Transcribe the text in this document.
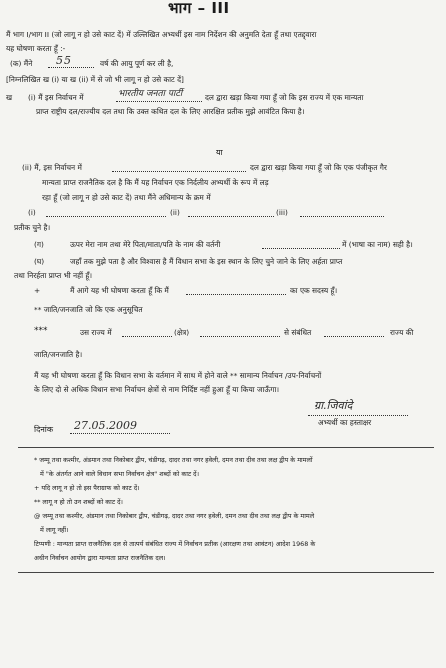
भाग – III
मैं भाग I/भाग II (जो लागू न हो उसे काट दें) में उल्लिखित अभ्यर्थी इस नाम निर्देशन की अनुमति देता हूँ तथा एतद्द्वारा
यह घोषणा करता हूँ :-
(क) मैंने 55	वर्ष की आयु पूर्ण कर ली है,
[निम्नलिखित ख (i) या ख (ii) में से जो भी लागू न हो उसे काट दें]
ख (i) मैं इस निर्वाचन में	भारतीय जनता पार्टी	दल द्वारा खड़ा किया गया हूँ जो कि इस राज्य में एक मान्यता
प्राप्त राष्ट्रीय दल/राज्यीय दल तथा कि उक्त कथित दल के लिए आरक्षित प्रतीक मुझे आवंटित किया है।
या
(ii) मैं, इस निर्वाचन में	दल द्वारा खड़ा किया गया हूँ जो कि एक पंजीकृत गैर
मान्यता प्राप्त राजनैतिक दल है कि मैं यह निर्वाचन एक निर्दलीय अभ्यर्थी के रूप में लड़
रहा हूँ (जो लागू न हो उसे काट दें) तथा मैंने अधिमान्य के क्रम में
(i)	(ii)	(iii)
प्रतीक चुने है।
(ग)	ऊपर मेरा नाम तथा मेरे पिता/माता/पति के नाम की वर्तनी	में (भाषा का नाम) सही है।
(घ)	जहाँ तक मुझे पता है और विश्वास है मैं विधान सभा के इस स्थान के लिए चुने जाने के लिए अर्हता प्राप्त
तथा निरर्हता प्राप्त भी नहीं हूँ।
+	मैं आगे यह भी घोषणा करता हूँ कि मैं	का एक सदस्य हूँ।
** जाति/जनजाति जो कि एक अनुसूचित
***	उस राज्य में	(क्षेत्र)	से संबंधित	राज्य की
जाति/जनजाति है।
मैं यह भी घोषणा करता हूँ कि विधान सभा के वर्तमान में साथ में होने वाले ** सामान्य निर्वाचन /उप-निर्वाचनों
के लिए दो से अधिक विधान सभा निर्वाचन क्षेत्रों से नाम निर्दिष्ट नहीं हुआ हूँ या किया जाऊँगा।
ग्रा.जिवांदे
अभ्यर्थी का हस्ताक्षर
दिनांक 27.05.2009
* जम्मू तथा कश्मीर, अंडमान तथा निकोबार द्वीप, चंडीगढ़, दादर तथा नगर हवेली, दमन तथा दीव तथा लक्ष द्वीप के मामलों
में "के अंतर्गत आने वाले विधान सभा निर्वाचन क्षेत्र" शब्दों को काट दें।
+ यदि लागू न हो तो इस पैराग्राफ को काट दें।
** लागू न हो तो उन शब्दों को काट दें।
@ जम्मू तथा कश्मीर, अंडमान तथा निकोबार द्वीप, चंडीगढ़, दादर तथा नगर हवेली, दमन तथा दीव तथा लक्ष द्वीप के मामले
में लागू नहीं।
टिप्पणी : मान्यता प्राप्त राजनैतिक दल से तात्पर्य संबंधित राज्य में निर्वाचन प्रतीक (आरक्षण तथा आवंटन) आदेश 1968 के
अधीन निर्वाचन आयोग द्वारा मान्यता प्राप्त राजनैतिक दल।
